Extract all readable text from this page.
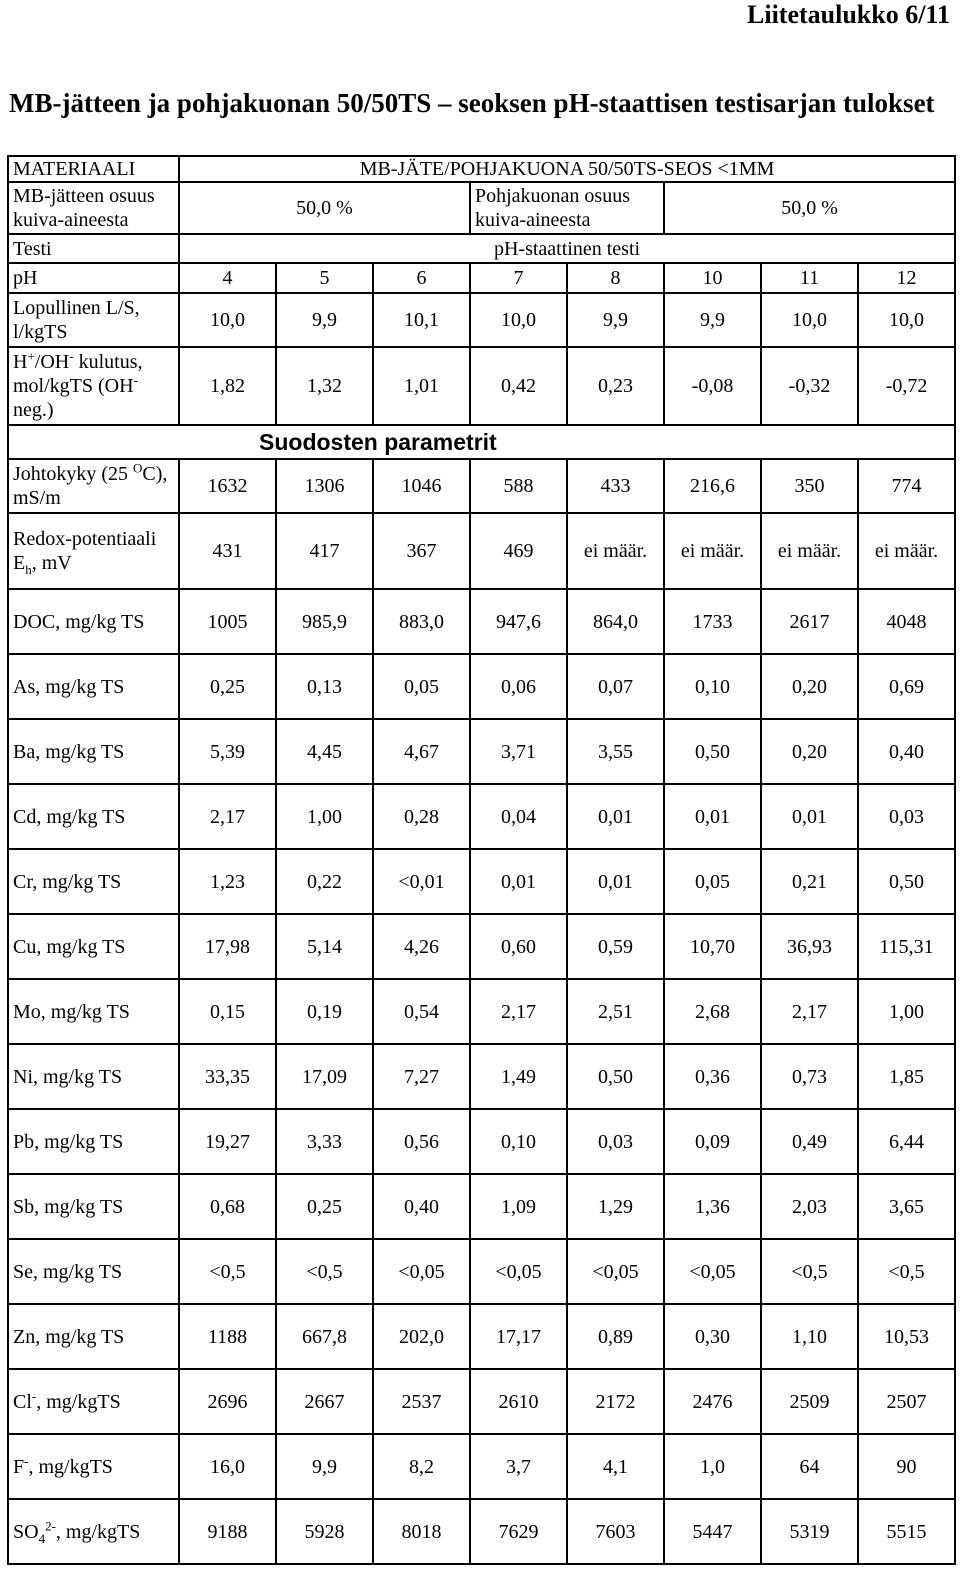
Liitetaulukko 6/11
MB-jätteen ja pohjakuonan 50/50TS – seoksen pH-staattisen testisarjan tulokset
MATERIAALI	MB-JÄTE/POHJAKUONA 50/50TS-SEOS <1MM							
MB-jätteen osuus kuiva-aineesta	50,0 %			Pohjakuonan osuus kuiva-aineesta		50,0 %		
Testi	pH-staattinen testi							
pH	4	5	6	7	8	10	11	12
Lopullinen L/S, l/kgTS	10,0	9,9	10,1	10,0	9,9	9,9	10,0	10,0
H+/OH- kulutus, mol/kgTS (OH- neg.)	1,82	1,32	1,01	0,42	0,23	-0,08	-0,32	-0,72
	Suodosten parametrit							
Johtokyky (25 $^O$C), mS/m	1632	1306	1046	588	433	216,6	350	774
Redox-potentiaali $E_h$, mV	431	417	367	469	ei määr.	ei määr.	ei määr.	ei määr.
DOC, mg/kg TS	1005	985,9	883,0	947,6	864,0	1733	2617	4048
As, mg/kg TS	0,25	0,13	0,05	0,06	0,07	0,10	0,20	0,69
Ba, mg/kg TS	5,39	4,45	4,67	3,71	3,55	0,50	0,20	0,40
Cd, mg/kg TS	2,17	1,00	0,28	0,04	0,01	0,01	0,01	0,03
Cr, mg/kg TS	1,23	0,22	<0,01	0,01	0,01	0,05	0,21	0,50
Cu, mg/kg TS	17,98	5,14	4,26	0,60	0,59	10,70	36,93	115,31
Mo, mg/kg TS	0,15	0,19	0,54	2,17	2,51	2,68	2,17	1,00
Ni, mg/kg TS	33,35	17,09	7,27	1,49	0,50	0,36	0,73	1,85
Pb, mg/kg TS	19,27	3,33	0,56	0,10	0,03	0,09	0,49	6,44
Sb, mg/kg TS	0,68	0,25	0,40	1,09	1,29	1,36	2,03	3,65
Se, mg/kg TS	<0,5	<0,5	<0,05	<0,05	<0,05	<0,05	<0,5	<0,5
Zn, mg/kg TS	1188	667,8	202,0	17,17	0,89	0,30	1,10	10,53
Cl-, mg/kgTS	2696	2667	2537	2610	2172	2476	2509	2507
F-, mg/kgTS	16,0	9,9	8,2	3,7	4,1	1,0	64	90
$SO_4^{2-}$, mg/kgTS	9188	5928	8018	7629	7603	5447	5319	5515
